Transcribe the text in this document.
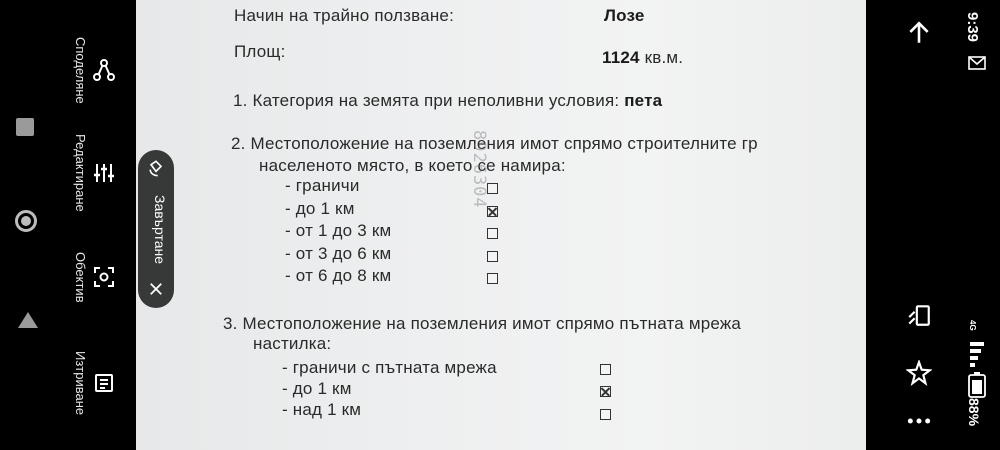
Споделяне
Редактиране
Обектив
Изтриване
Начин на трайно ползване:	Лозе
Площ:	1124 кв.м.
1. Категория на земята при неполивни условия: пета
2. Местоположение на поземления имот спрямо строителните гр
населеното място, в което се намира:
- граничи
- до 1 км
- от 1 до 3 км
- от 3 до 6 км
- от 6 до 8 км
8926304
3. Местоположение на поземления имот спрямо пътната мрежа
настилка:
- граничи с пътната мрежа
- до 1 км
- над 1 км
Завъртане
9:39
4G
88%
